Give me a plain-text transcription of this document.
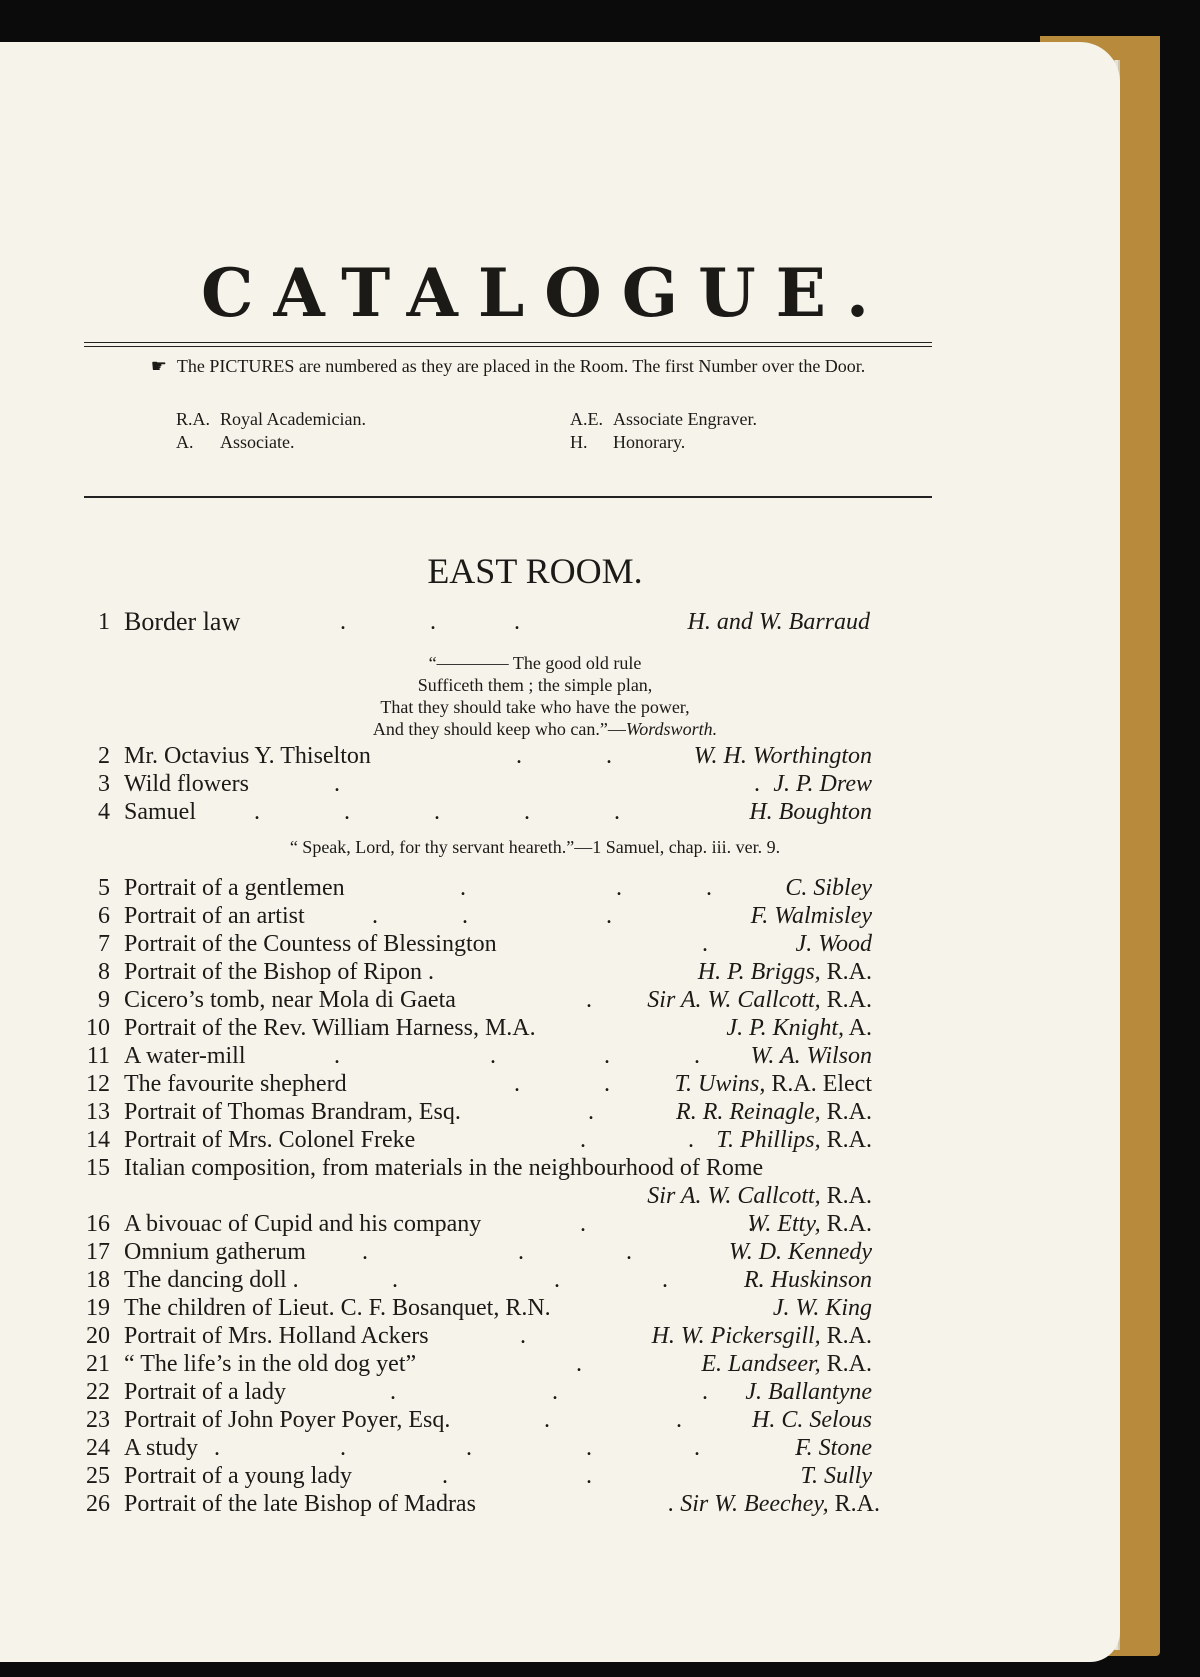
CATALOGUE.
☛ The PICTURES are numbered as they are placed in the Room. The first Number over the Door.
R.A.	Royal Academician.
A.	Associate.
A.E.	Associate Engraver.
H.	Honorary.
EAST ROOM.
1 Border law	.              .             .	H. and W. Barraud
“———— The good old rule
Sufficeth them ; the simple plan,
That they should take who have the power,
And they should keep who can.”—Wordsworth.
2 Mr. Octavius Y. Thiselton	.              .	W. H. Worthington
3 Wild flowers	.                                                                     . J. P. Drew
4 Samuel .              .              .              .              .	H. Boughton
“ Speak, Lord, for thy servant heareth.”—1 Samuel, chap. iii. ver. 9.
5 Portrait of a gentlemen	.                         .              .	C. Sibley
6 Portrait of an artist	.              .                       .	F. Walmisley
7 Portrait of the Countess of Blessington	.	J. Wood
8 Portrait of the Bishop of Ripon .	H. P. Briggs, R.A.
9 Cicero’s tomb, near Mola di Gaeta	. Sir A. W. Callcott, R.A.
10 Portrait of the Rev. William Harness, M.A.	J. P. Knight, A.
11 A water-mill	.                         .                  .              .             .
W. A. Wilson
12 The favourite shepherd	.              .	T. Uwins, R.A. Elect
13 Portrait of Thomas Brandram, Esq.	.	R. R. Reinagle, R.A.
14 Portrait of Mrs. Colonel Freke	.                 . T. Phillips, R.A.
15 Italian composition, from materials in the neighbourhood of Rome
Sir A. W. Callcott, R.A.
16 A bivouac of Cupid and his company	.                           .
W. Etty, R.A.
17 Omnium gatherum .                         .                 .	W. D. Kennedy
18 The dancing doll .	.                          .                 .               .
R. Huskinson
19 The children of Lieut. C. F. Bosanquet, R.N.	J. W. King
20 Portrait of Mrs. Holland Ackers	.	H. W. Pickersgill, R.A.
21 “ The life’s in the old dog yet”	.	E. Landseer, R.A.
22 Portrait of a lady	.                          .                        . J. Ballantyne
23 Portrait of John Poyer Poyer, Esq.	.                     .	H. C. Selous
24 A study .                    .                    .                   .                 .                .
F. Stone
25 Portrait of a young lady	.                       .	T. Sully
26 Portrait of the late Bishop of Madras	. Sir W. Beechey, R.A.
